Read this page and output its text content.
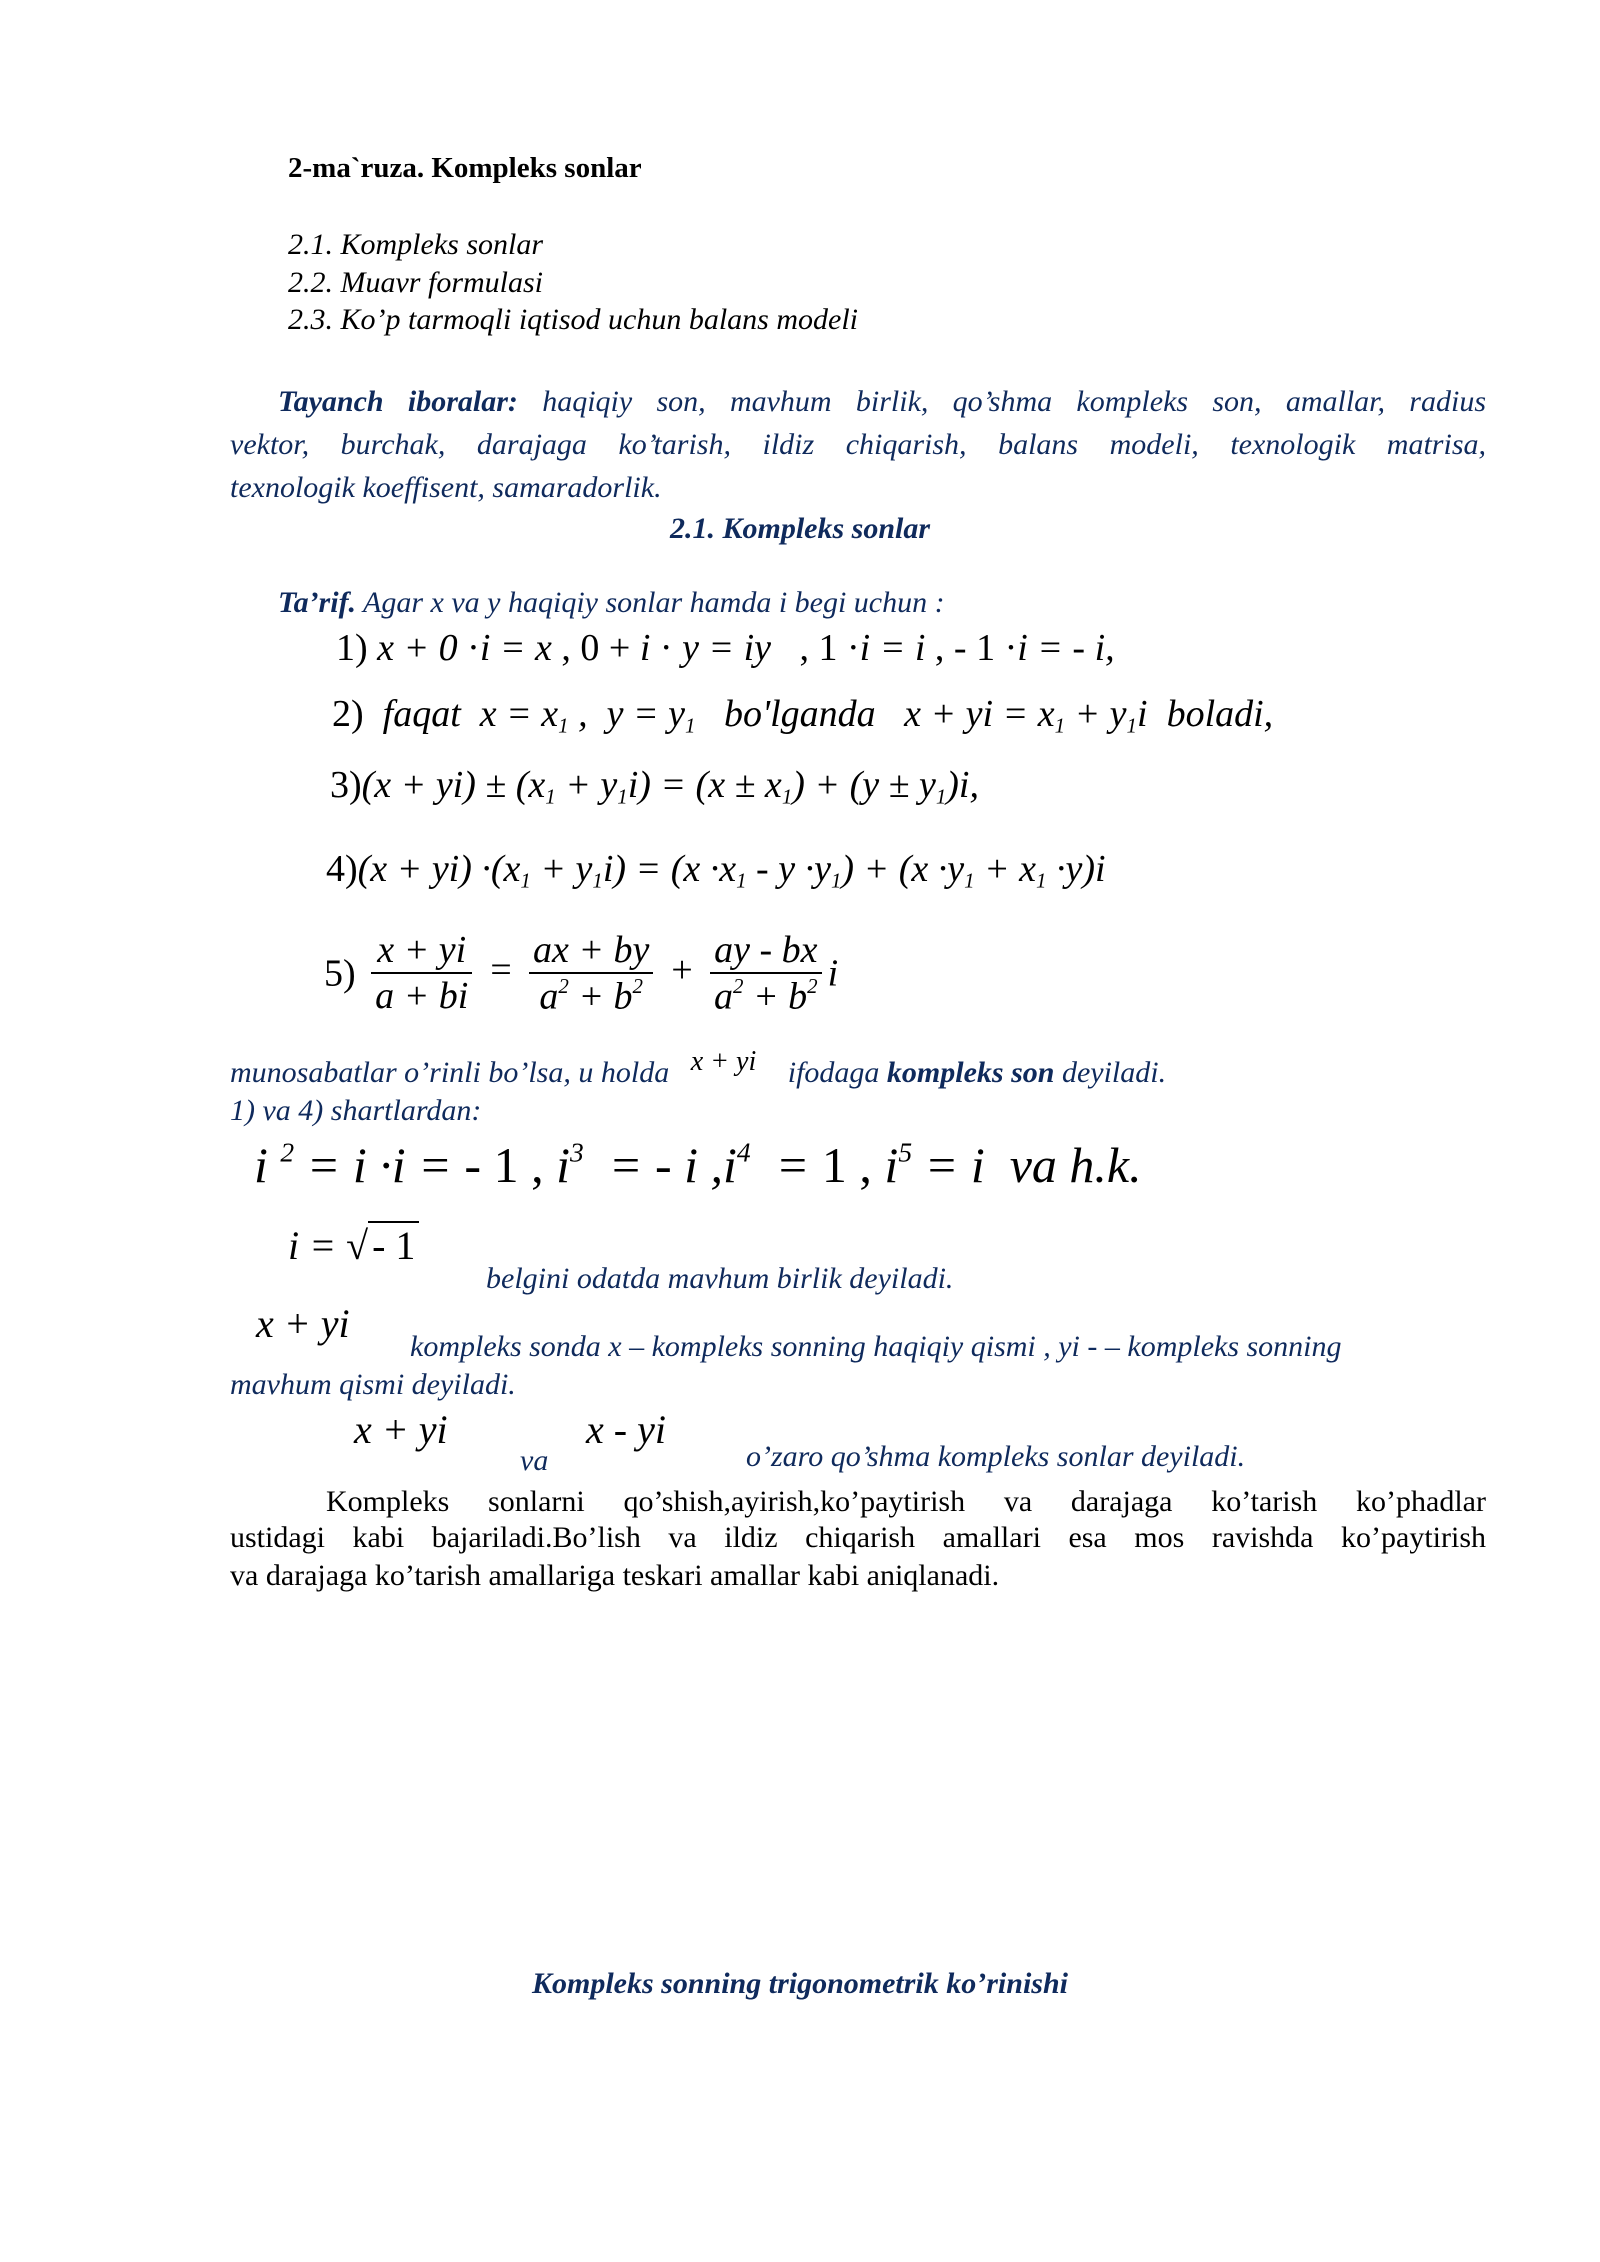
2-ma`ruza. Kompleks sonlar
2.1. Kompleks sonlar
2.2. Muavr formulasi
2.3. Ko’p tarmoqli iqtisod uchun balans modeli
Tayanch iboralar: haqiqiy son, mavhum birlik, qo’shma kompleks son, amallar, radius
vektor, burchak, darajaga ko’tarish, ildiz chiqarish, balans modeli, texnologik matrisa,
texnologik koeffisent, samaradorlik.
2.1. Kompleks sonlar
Ta’rif. Agar x va y haqiqiy sonlar hamda i begi uchun :
1) x + 0 ·i = x , 0 + i · y = iy   , 1 ·i = i , - 1 ·i = - i,
2) faqat  $x = x_1$ ,  $y = y_1$ bo'lganda   x + yi = $x_1 + y_1i$  boladi,
$3)(x + yi) \pm (x_1 + y_1i) = (x \pm x_1) + (y \pm y_1)i$,
$4)(x + yi) \cdot(x_1 + y_1i) = (x \cdot x_1 - y \cdot y_1) + (x \cdot y_1 + x_1 \cdot y)i$
$5) \frac{x + yi}{a + bi} = \frac{ax + by}{a^2 + b^2} + \frac{ay - bx}{a^2 + b^2}$ i
munosabatlar o’rinli bo’lsa, u holda x + yi ifodaga kompleks son deyiladi.
1) va 4) shartlardan:
i $^2$ = i ·i = - 1 , $i^3$  = - i $,i^4 = 1$ , $i^5 = i$  va h.k.
i = √ - 1
belgini odatda mavhum birlik deyiladi.
x + yi
kompleks sonda x – kompleks sonning haqiqiy qismi , yi - – kompleks sonning
mavhum qismi deyiladi.
x + yi
va
x - yi
o’zaro qo’shma kompleks sonlar deyiladi.
Kompleks sonlarni qo’shish,ayirish,ko’paytirish va darajaga ko’tarish ko’phadlar
ustidagi kabi bajariladi.Bo’lish va ildiz chiqarish amallari esa mos ravishda ko’paytirish
va darajaga ko’tarish amallariga teskari amallar kabi aniqlanadi.
Kompleks sonning trigonometrik ko’rinishi
